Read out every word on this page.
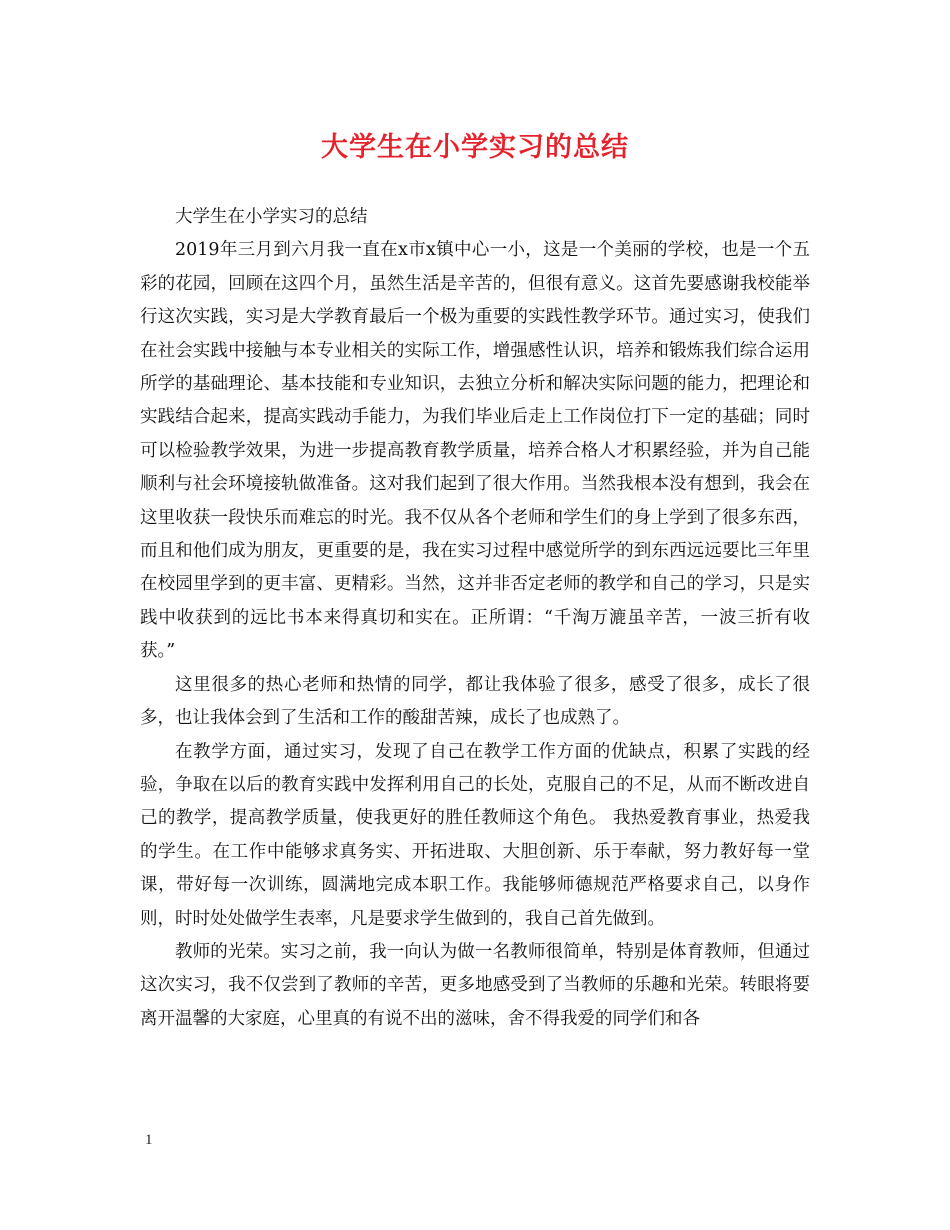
大学生在小学实习的总结

大学生在小学实习的总结

2019年三月到六月我一直在x市x镇中心一小，这是一个美丽的学校，也是一个五彩的花园，回顾在这四个月，虽然生活是辛苦的，但很有意义。这首先要感谢我校能举行这次实践，实习是大学教育最后一个极为重要的实践性教学环节。通过实习，使我们在社会实践中接触与本专业相关的实际工作，增强感性认识，培养和锻炼我们综合运用所学的基础理论、基本技能和专业知识，去独立分析和解决实际问题的能力，把理论和实践结合起来，提高实践动手能力，为我们毕业后走上工作岗位打下一定的基础；同时可以检验教学效果，为进一步提高教育教学质量，培养合格人才积累经验，并为自己能顺利与社会环境接轨做准备。这对我们起到了很大作用。当然我根本没有想到，我会在这里收获一段快乐而难忘的时光。我不仅从各个老师和学生们的身上学到了很多东西，而且和他们成为朋友，更重要的是，我在实习过程中感觉所学的到东西远远要比三年里在校园里学到的更丰富、更精彩。当然，这并非否定老师的教学和自己的学习，只是实践中收获到的远比书本来得真切和实在。正所谓：“千淘万漉虽辛苦，一波三折有收获。”

这里很多的热心老师和热情的同学，都让我体验了很多，感受了很多，成长了很多，也让我体会到了生活和工作的酸甜苦辣，成长了也成熟了。

在教学方面，通过实习，发现了自己在教学工作方面的优缺点，积累了实践的经验，争取在以后的教育实践中发挥利用自己的长处，克服自己的不足，从而不断改进自己的教学，提高教学质量，使我更好的胜任教师这个角色。 我热爱教育事业，热爱我的学生。在工作中能够求真务实、开拓进取、大胆创新、乐于奉献，努力教好每一堂课，带好每一次训练，圆满地完成本职工作。我能够师德规范严格要求自己，以身作则，时时处处做学生表率，凡是要求学生做到的，我自己首先做到。

教师的光荣。实习之前，我一向认为做一名教师很简单，特别是体育教师，但通过这次实习，我不仅尝到了教师的辛苦，更多地感受到了当教师的乐趣和光荣。转眼将要离开温馨的大家庭，心里真的有说不出的滋味，舍不得我爱的同学们和各

1
